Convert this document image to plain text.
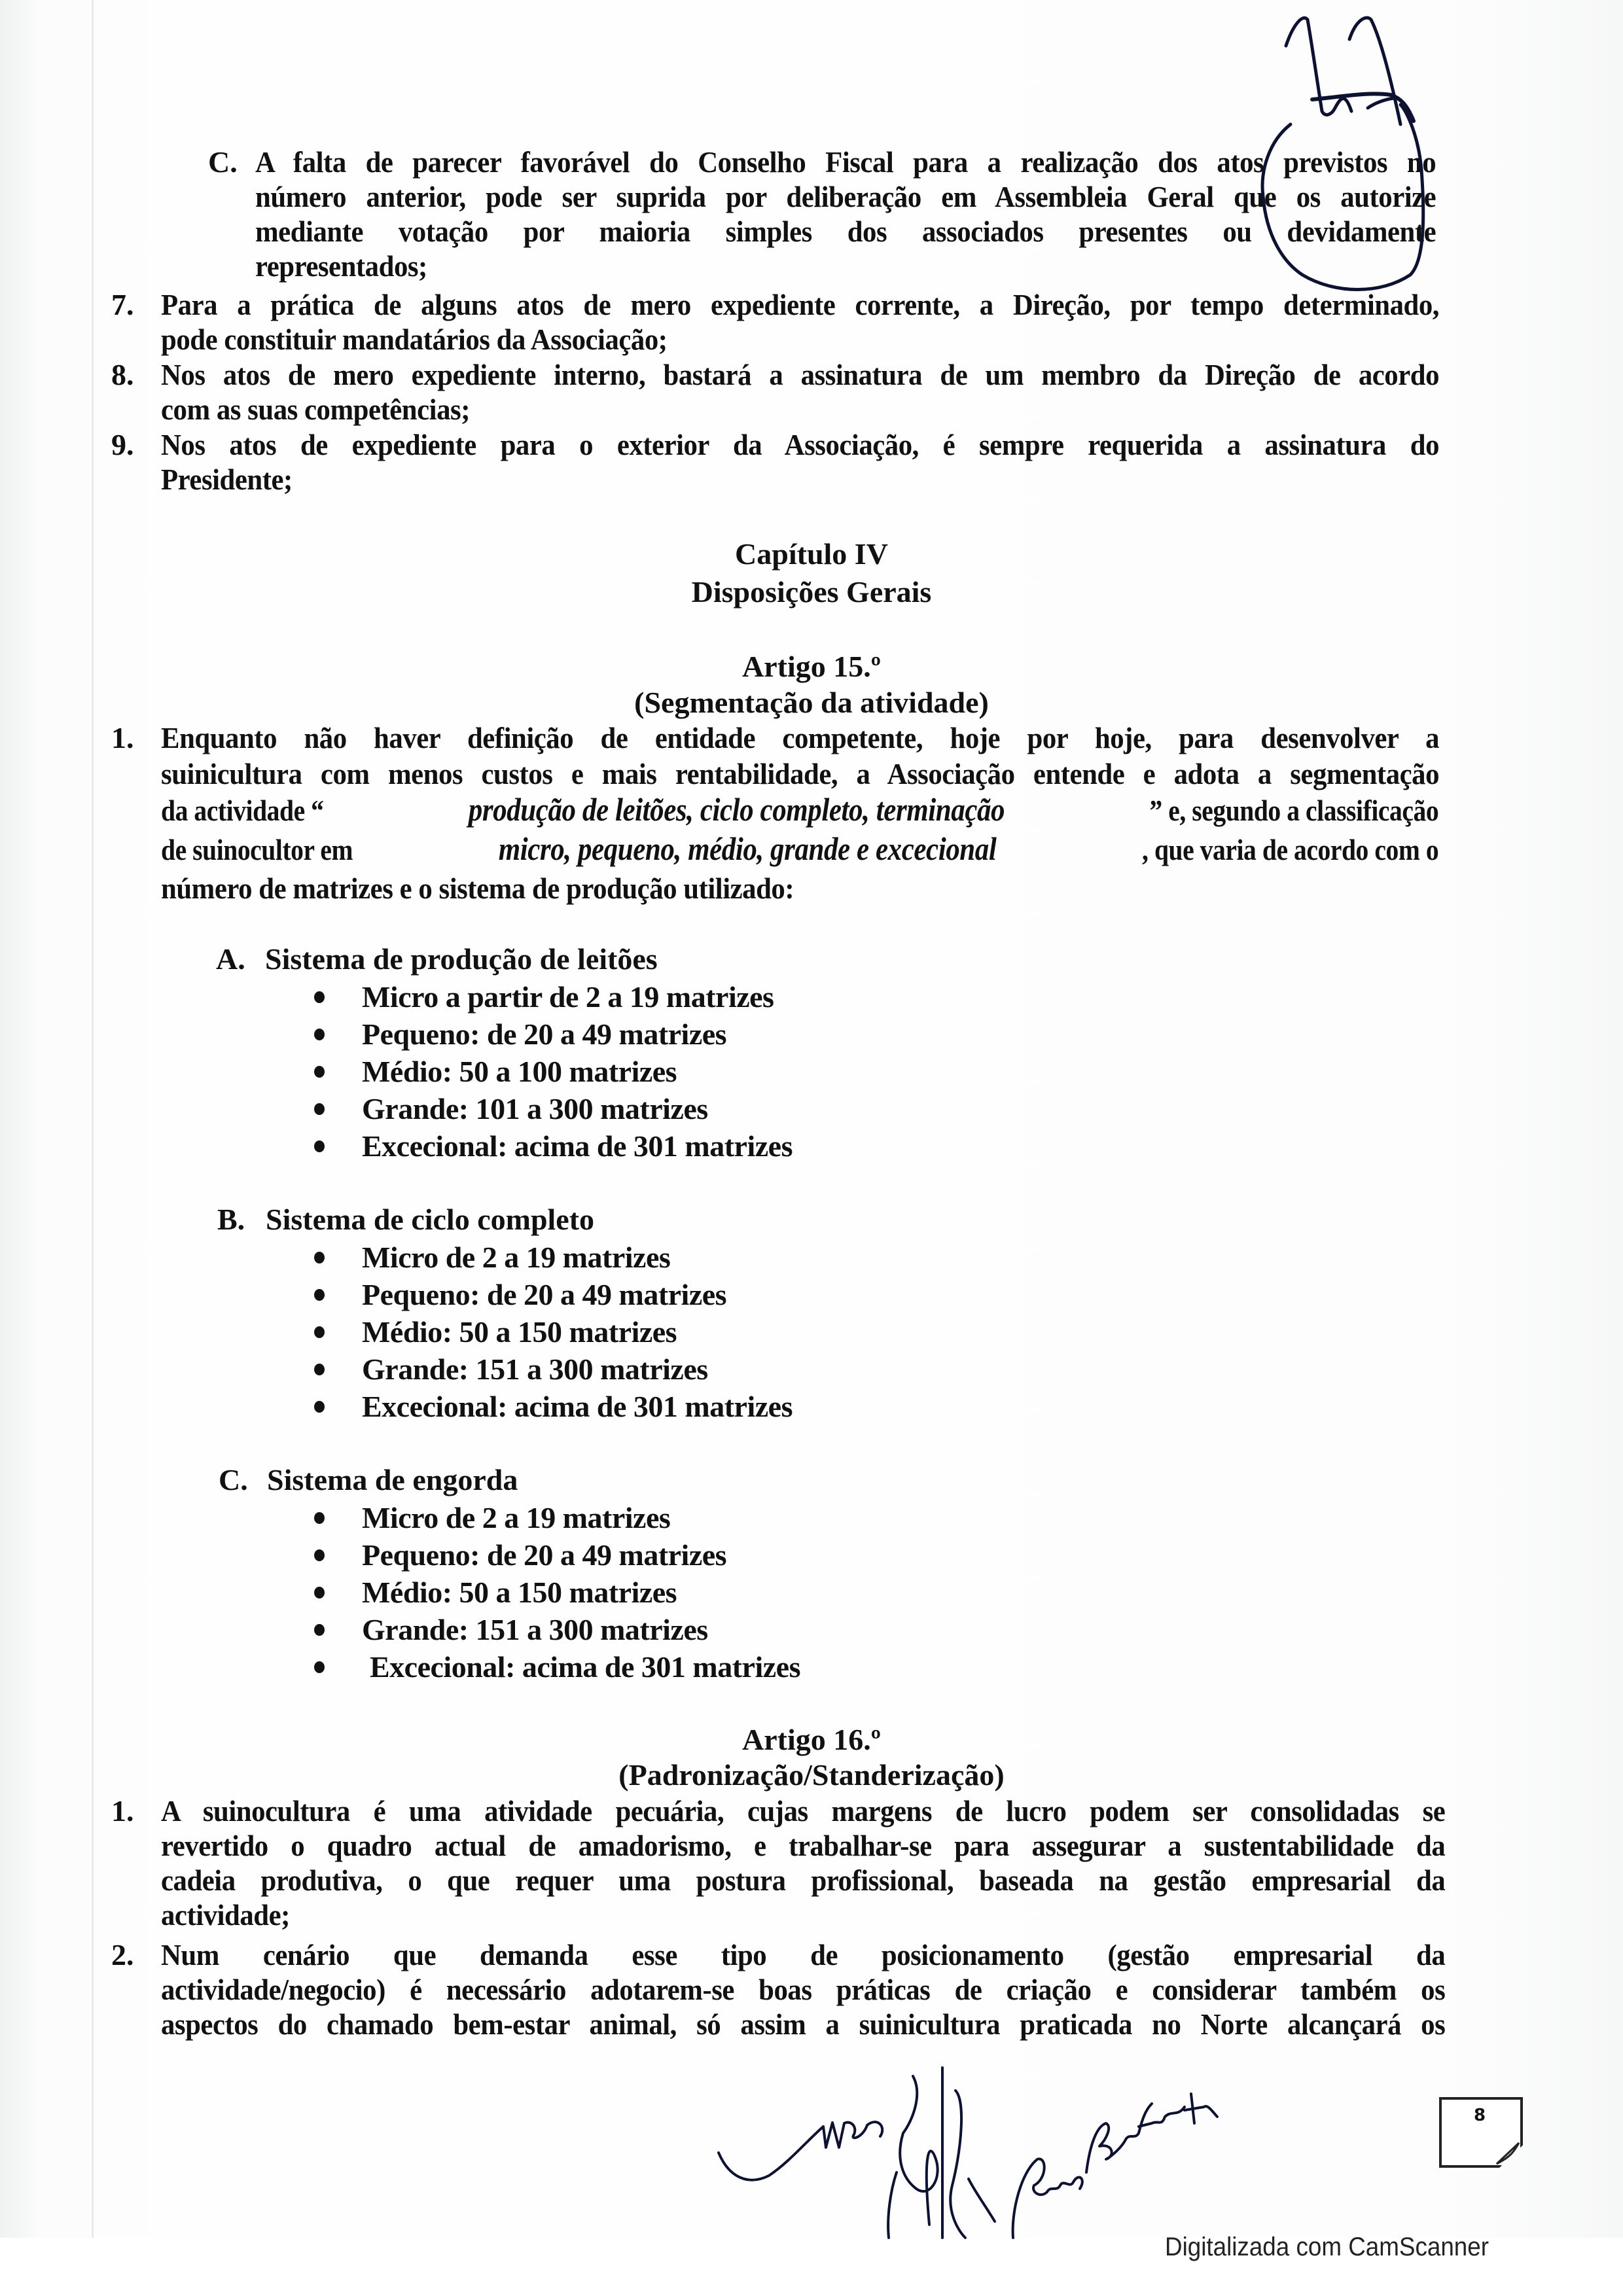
C. A falta de parecer favorável do Conselho Fiscal para a realização dos atos previstos no
número anterior, pode ser suprida por deliberação em Assembleia Geral que os autorize
mediante votação por maioria simples dos associados presentes ou devidamente
representados;
7. Para a prática de alguns atos de mero expediente corrente, a Direção, por tempo determinado,
pode constituir mandatários da Associação;
8. Nos atos de mero expediente interno, bastará a assinatura de um membro da Direção de acordo
com as suas competências;
9. Nos atos de expediente para o exterior da Associação, é sempre requerida a assinatura do
Presidente;
Capítulo IV
Disposições Gerais
Artigo 15.º
(Segmentação da atividade)
1. Enquanto não haver definição de entidade competente, hoje por hoje, para desenvolver a
suinicultura com menos custos e mais rentabilidade, a Associação entende e adota a segmentação
da actividade “	produção de leitões, ciclo completo, terminação	” e, segundo a classificação
de suinocultor em	micro, pequeno, médio, grande e excecional	, que varia de acordo com o
número de matrizes e o sistema de produção utilizado:
A. Sistema de produção de leitões
Micro a partir de 2 a 19 matrizes
Pequeno: de 20 a 49 matrizes
Médio: 50 a 100 matrizes
Grande: 101 a 300 matrizes
Excecional: acima de 301 matrizes
B. Sistema de ciclo completo
Micro de 2 a 19 matrizes
Pequeno: de 20 a 49 matrizes
Médio: 50 a 150 matrizes
Grande: 151 a 300 matrizes
Excecional: acima de 301 matrizes
C. Sistema de engorda
Micro de 2 a 19 matrizes
Pequeno: de 20 a 49 matrizes
Médio: 50 a 150 matrizes
Grande: 151 a 300 matrizes
Excecional: acima de 301 matrizes
Artigo 16.º
(Padronização/Standerização)
1. A suinocultura é uma atividade pecuária, cujas margens de lucro podem ser consolidadas se
revertido o quadro actual de amadorismo, e trabalhar-se para assegurar a sustentabilidade da
cadeia produtiva, o que requer uma postura profissional, baseada na gestão empresarial da
actividade;
2. Num cenário que demanda esse tipo de posicionamento (gestão empresarial da
actividade/negocio) é necessário adotarem-se boas práticas de criação e considerar também os
aspectos do chamado bem-estar animal, só assim a suinicultura praticada no Norte alcançará os
8
Digitalizada com CamScanner
